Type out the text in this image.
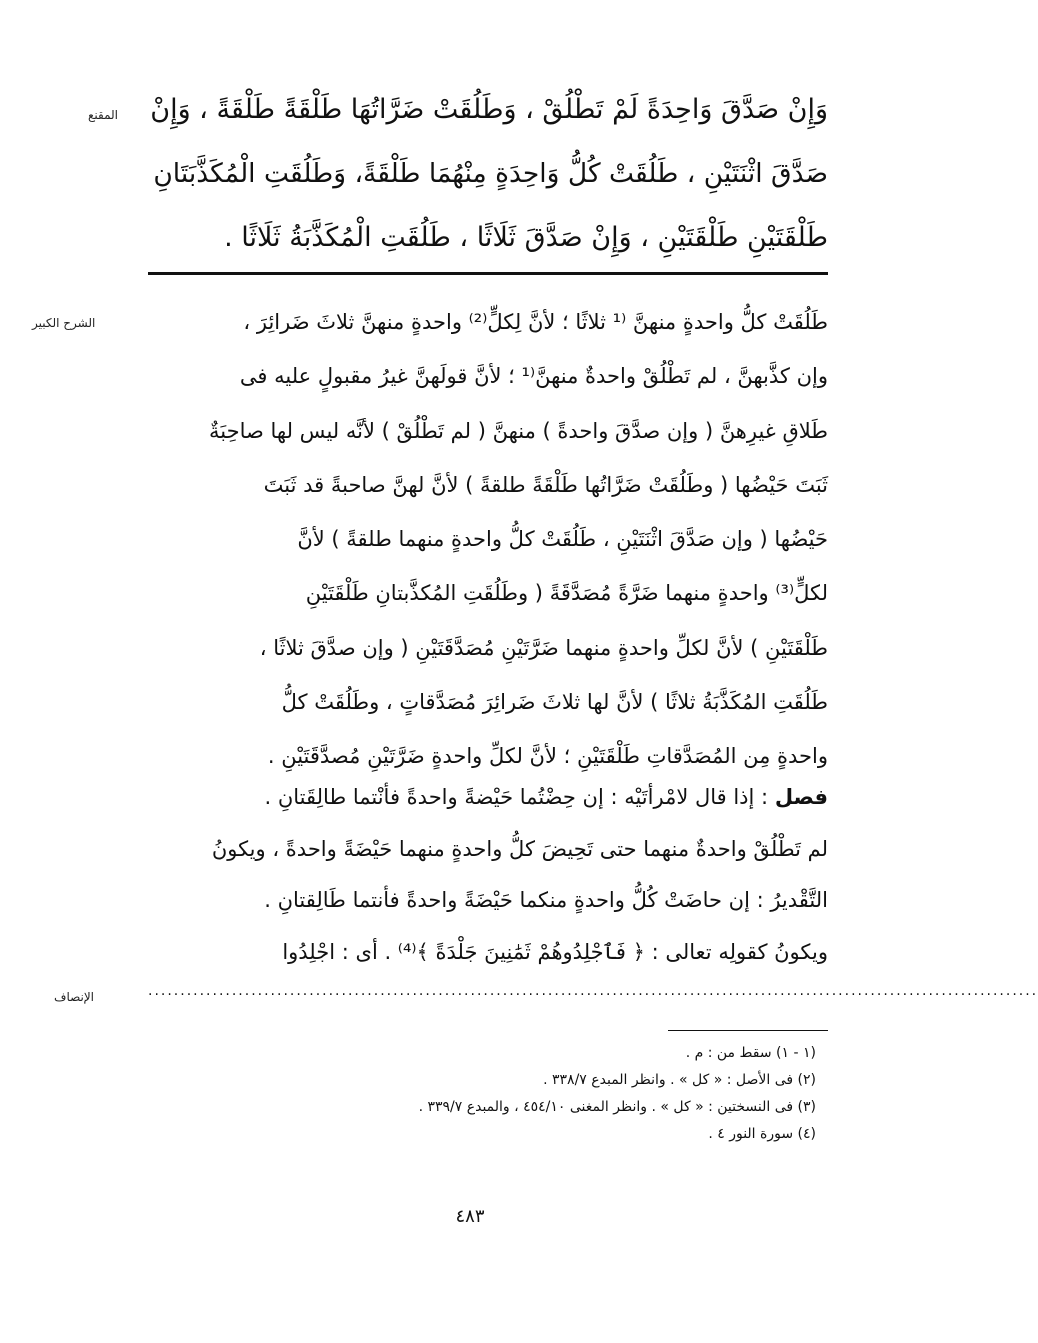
المقنع
الشرح الكبير
الإنصاف
وَإِنْ صَدَّقَ وَاحِدَةً لَمْ تَطْلُقْ ، وَطَلُقَتْ ضَرَّاتُهَا طَلْقَةً طَلْقَةً ، وَإِنْ
صَدَّقَ اثْنَتَيْنِ ، طَلُقَتْ كُلُّ وَاحِدَةٍ مِنْهُمَا طَلْقَةً، وَطَلُقَتِ الْمُكَذَّبَتَانِ
طَلْقَتَيْنِ طَلْقَتَيْنِ ، وَإِنْ صَدَّقَ ثَلَاثًا ، طَلُقَتِ الْمُكَذَّبَةُ ثَلَاثًا .
طَلُقَتْ كلُّ واحدةٍ منهنَّ ⁽¹ ثلاثًا ؛ لأنَّ لِكلٍّ⁽²⁾ واحدةٍ منهنَّ ثلاثَ ضَرائِرَ ،
وإن كذَّبهنَّ ، لم تَطْلُقْ واحدةٌ منهنَّ⁽¹ ؛ لأنَّ قولَهنَّ غيرُ مقبولٍ عليه فى
طَلاقِ غيرِهنَّ ( وإن صدَّقَ واحدةً ) منهنَّ ( لم تَطْلُقْ ) لأنَّه ليس لها صاحِبَةٌ
ثَبَتَ حَيْضُها ( وطَلُقَتْ ضَرَّاتُها طَلْقَةً طلقةً ) لأنَّ لهنَّ صاحبةً قد ثَبَتَ
حَيْضُها ( وإن صَدَّقَ اثْنَتَيْنِ ، طَلُقَتْ كلُّ واحدةٍ منهما طلقةً ) لأنَّ
لكلٍّ⁽³⁾ واحدةٍ منهما ضَرَّةً مُصَدَّقَةً ( وطَلُقَتِ المُكذَّبتانِ طَلْقَتَيْنِ
طَلْقَتَيْنِ ) لأنَّ لكلِّ واحدةٍ منهما ضَرَّتَيْنِ مُصَدَّقَتَيْنِ ( وإن صدَّقَ ثلاثًا ،
طَلُقَتِ المُكَذَّبَةُ ثلاثًا ) لأنَّ لها ثلاثَ ضَرائِرَ مُصَدَّقاتٍ ، وطَلُقَتْ كلُّ
واحدةٍ مِن المُصَدَّقاتِ طَلْقَتَيْنِ ؛ لأنَّ لكلِّ واحدةٍ ضَرَّتَيْنِ مُصدَّقَتَيْنِ .
فصل : إذا قال لامْرأتَيْه : إن حِضْتُما حَيْضةً واحدةً فأنْتما طالِقَتانِ .
لم تَطْلُقْ واحدةٌ منهما حتى تَحِيضَ كلُّ واحدةٍ منهما حَيْضَةً واحدةً ، ويكونُ
التَّقْديرُ : إن حاضَتْ كُلُّ واحدةٍ منكما حَيْضَةً واحدةً فأنتما طَالِقتانِ .
ويكونُ كقولِه تعالى : ﴿ فَٱجْلِدُوهُمْ ثَمَٰنِينَ جَلْدَةً ﴾⁽⁴⁾ . أى : اجْلِدُوا
..........................................................................................................................................
(١ - ١) سقط من : م .
(٢) فى الأصل : « كل » . وانظر المبدع ٣٣٨/٧ .
(٣) فى النسختين : « كل » . وانظر المغنى ٤٥٤/١٠ ، والمبدع ٣٣٩/٧ .
(٤) سورة النور ٤ .
٤٨٣
